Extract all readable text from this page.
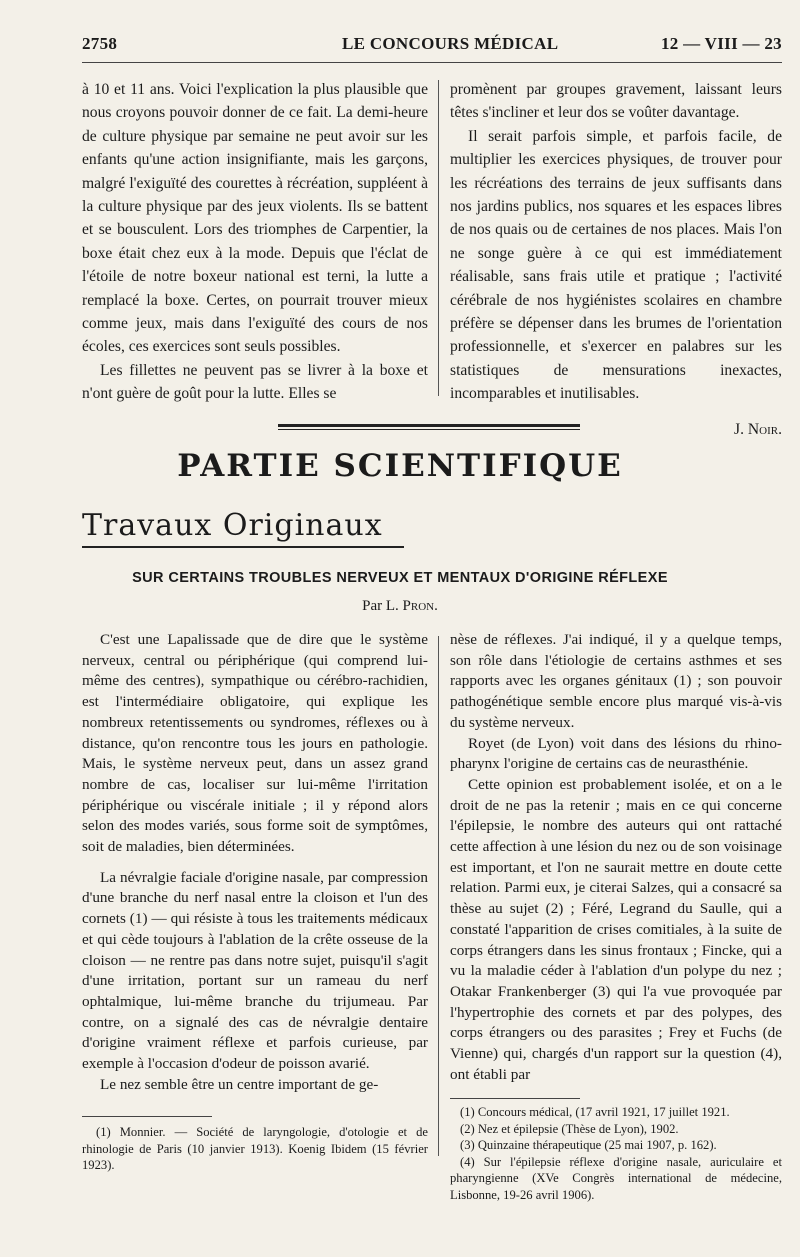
2758	LE CONCOURS MÉDICAL	12 — VIII — 23

à 10 et 11 ans. Voici l'explication la plus plausible que nous croyons pouvoir donner de ce fait. La demi-heure de culture physique par semaine ne peut avoir sur les enfants qu'une action insignifiante, mais les garçons, malgré l'exiguïté des courettes à récréation, suppléent à la culture physique par des jeux violents. Ils se battent et se bousculent. Lors des triomphes de Carpentier, la boxe était chez eux à la mode. Depuis que l'éclat de l'étoile de notre boxeur national est terni, la lutte a remplacé la boxe. Certes, on pourrait trouver mieux comme jeux, mais dans l'exiguïté des cours de nos écoles, ces exercices sont seuls possibles.

Les fillettes ne peuvent pas se livrer à la boxe et n'ont guère de goût pour la lutte. Elles se

promènent par groupes gravement, laissant leurs têtes s'incliner et leur dos se voûter davantage.

Il serait parfois simple, et parfois facile, de multiplier les exercices physiques, de trouver pour les récréations des terrains de jeux suffisants dans nos jardins publics, nos squares et les espaces libres de nos quais ou de certaines de nos places. Mais l'on ne songe guère à ce qui est immédiatement réalisable, sans frais utile et pratique ; l'activité cérébrale de nos hygiénistes scolaires en chambre préfère se dépenser dans les brumes de l'orientation professionnelle, et s'exercer en palabres sur les statistiques de mensurations inexactes, incomparables et inutilisables.

J. Noir.

PARTIE SCIENTIFIQUE
Travaux Originaux
SUR CERTAINS TROUBLES NERVEUX ET MENTAUX D'ORIGINE RÉFLEXE
Par L. Pron.

C'est une Lapalissade que de dire que le système nerveux, central ou périphérique (qui comprend lui-même des centres), sympathique ou cérébro-rachidien, est l'intermédiaire obligatoire, qui explique les nombreux retentissements ou syndromes, réflexes ou à distance, qu'on rencontre tous les jours en pathologie. Mais, le système nerveux peut, dans un assez grand nombre de cas, localiser sur lui-même l'irritation périphérique ou viscérale initiale ; il y répond alors selon des modes variés, sous forme soit de symptômes, soit de maladies, bien déterminées.

La névralgie faciale d'origine nasale, par compression d'une branche du nerf nasal entre la cloison et l'un des cornets (1) — qui résiste à tous les traitements médicaux et qui cède toujours à l'ablation de la crête osseuse de la cloison — ne rentre pas dans notre sujet, puisqu'il s'agit d'une irritation, portant sur un rameau du nerf ophtalmique, lui-même branche du trijumeau. Par contre, on a signalé des cas de névralgie dentaire d'origine vraiment réflexe et parfois curieuse, par exemple à l'occasion d'odeur de poisson avarié.

Le nez semble être un centre important de ge-

nèse de réflexes. J'ai indiqué, il y a quelque temps, son rôle dans l'étiologie de certains asthmes et ses rapports avec les organes génitaux (1) ; son pouvoir pathogénétique semble encore plus marqué vis-à-vis du système nerveux.

Royet (de Lyon) voit dans des lésions du rhino-pharynx l'origine de certains cas de neurasthénie.

Cette opinion est probablement isolée, et on a le droit de ne pas la retenir ; mais en ce qui concerne l'épilepsie, le nombre des auteurs qui ont rattaché cette affection à une lésion du nez ou de son voisinage est important, et l'on ne saurait mettre en doute cette relation. Parmi eux, je citerai Salzes, qui a consacré sa thèse au sujet (2) ; Féré, Legrand du Saulle, qui a constaté l'apparition de crises comitiales, à la suite de corps étrangers dans les sinus frontaux ; Fincke, qui a vu la maladie céder à l'ablation d'un polype du nez ; Otakar Frankenberger (3) qui l'a vue provoquée par l'hypertrophie des cornets et par des polypes, des corps étrangers ou des parasites ; Frey et Fuchs (de Vienne) qui, chargés d'un rapport sur la question (4), ont établi par

(1) Monnier. — Société de laryngologie, d'otologie et de rhinologie de Paris (10 janvier 1913). Koenig Ibidem (15 février 1923).

(1) Concours médical, (17 avril 1921, 17 juillet 1921.

(2) Nez et épilepsie (Thèse de Lyon), 1902.

(3) Quinzaine thérapeutique (25 mai 1907, p. 162).

(4) Sur l'épilepsie réflexe d'origine nasale, auriculaire et pharyngienne (XVe Congrès international de médecine, Lisbonne, 19-26 avril 1906).
